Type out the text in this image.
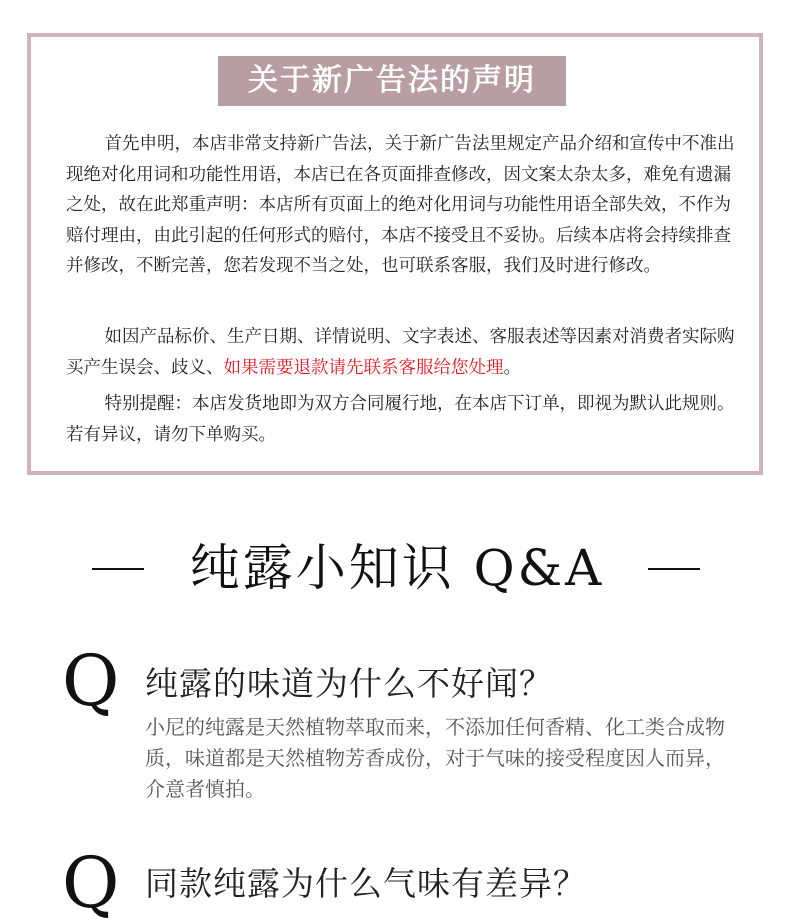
关于新广告法的声明

首先申明，本店非常支持新广告法，关于新广告法里规定产品介绍和宣传中不准出现绝对化用词和功能性用语，本店已在各页面排查修改，因文案太杂太多，难免有遗漏之处，故在此郑重声明：本店所有页面上的绝对化用词与功能性用语全部失效，不作为赔付理由，由此引起的任何形式的赔付，本店不接受且不妥协。后续本店将会持续排查并修改，不断完善，您若发现不当之处，也可联系客服，我们及时进行修改。

如因产品标价、生产日期、详情说明、文字表述、客服表述等因素对消费者实际购买产生误会、歧义、如果需要退款请先联系客服给您处理。

特别提醒：本店发货地即为双方合同履行地，在本店下订单，即视为默认此规则。若有异议，请勿下单购买。

纯露小知识 Q&A
Q 纯露的味道为什么不好闻？

小尼的纯露是天然植物萃取而来，不添加任何香精、化工类合成物质，味道都是天然植物芳香成份，对于气味的接受程度因人而异，介意者慎拍。

Q 同款纯露为什么气味有差异？
